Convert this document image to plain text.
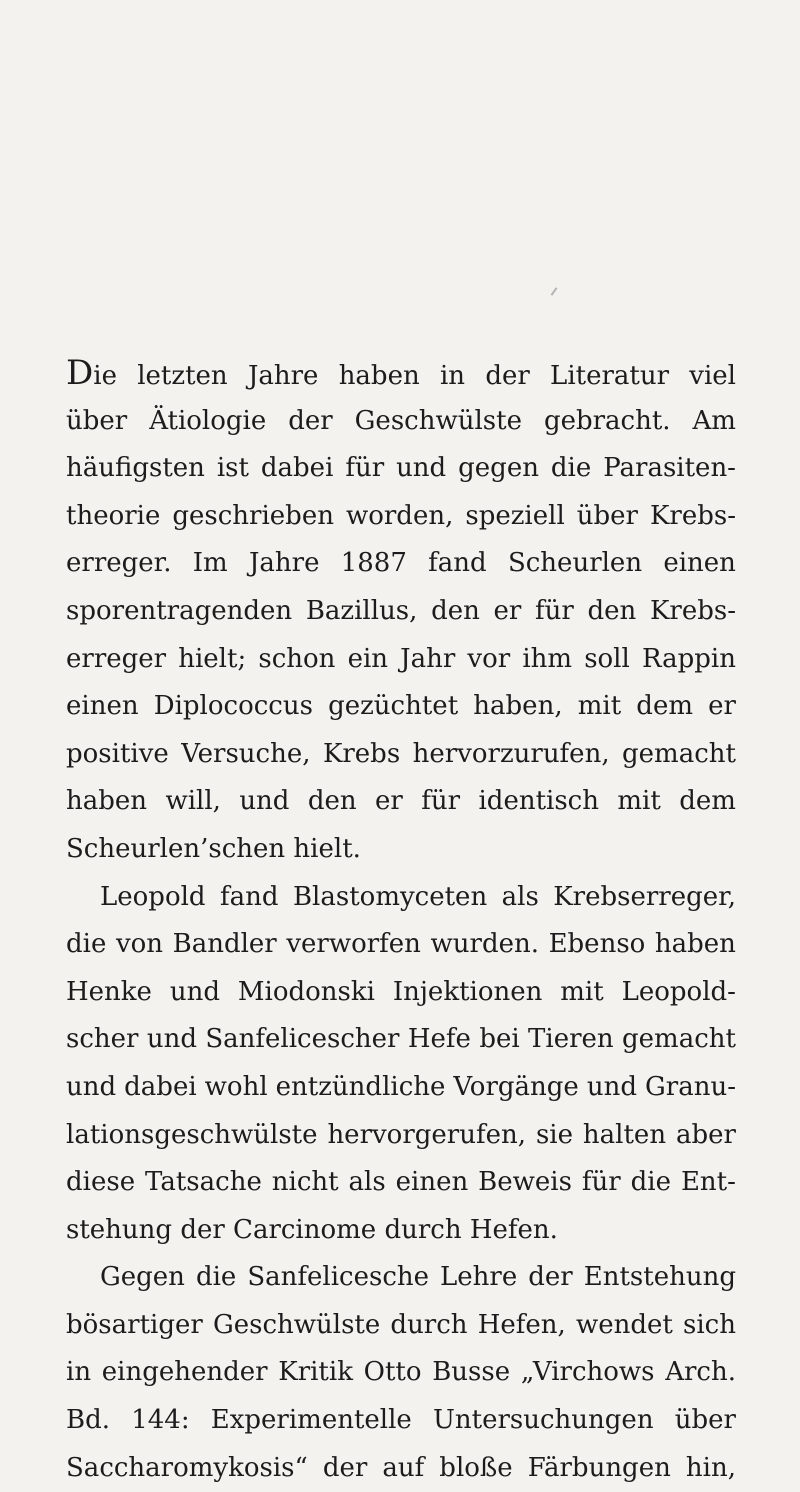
Die letzten Jahre haben in der Literatur viel
über Ätiologie der Geschwülste gebracht. Am
häufigsten ist dabei für und gegen die Parasiten-
theorie geschrieben worden, speziell über Krebs-
erreger. Im Jahre 1887 fand Scheurlen einen
sporentragenden Bazillus, den er für den Krebs-
erreger hielt; schon ein Jahr vor ihm soll Rappin
einen Diplococcus gezüchtet haben, mit dem er
positive Versuche, Krebs hervorzurufen, gemacht
haben will, und den er für identisch mit dem
Scheurlen’schen hielt.
Leopold fand Blastomyceten als Krebserreger,
die von Bandler verworfen wurden. Ebenso haben
Henke und Miodonski Injektionen mit Leopold-
scher und Sanfelicescher Hefe bei Tieren gemacht
und dabei wohl entzündliche Vorgänge und Granu-
lationsgeschwülste hervorgerufen, sie halten aber
diese Tatsache nicht als einen Beweis für die Ent-
stehung der Carcinome durch Hefen.
Gegen die Sanfelicesche Lehre der Entstehung
bösartiger Geschwülste durch Hefen, wendet sich
in eingehender Kritik Otto Busse „Virchows Arch.
Bd. 144: Experimentelle Untersuchungen über
Saccharomykosis“ der auf bloße Färbungen hin,
